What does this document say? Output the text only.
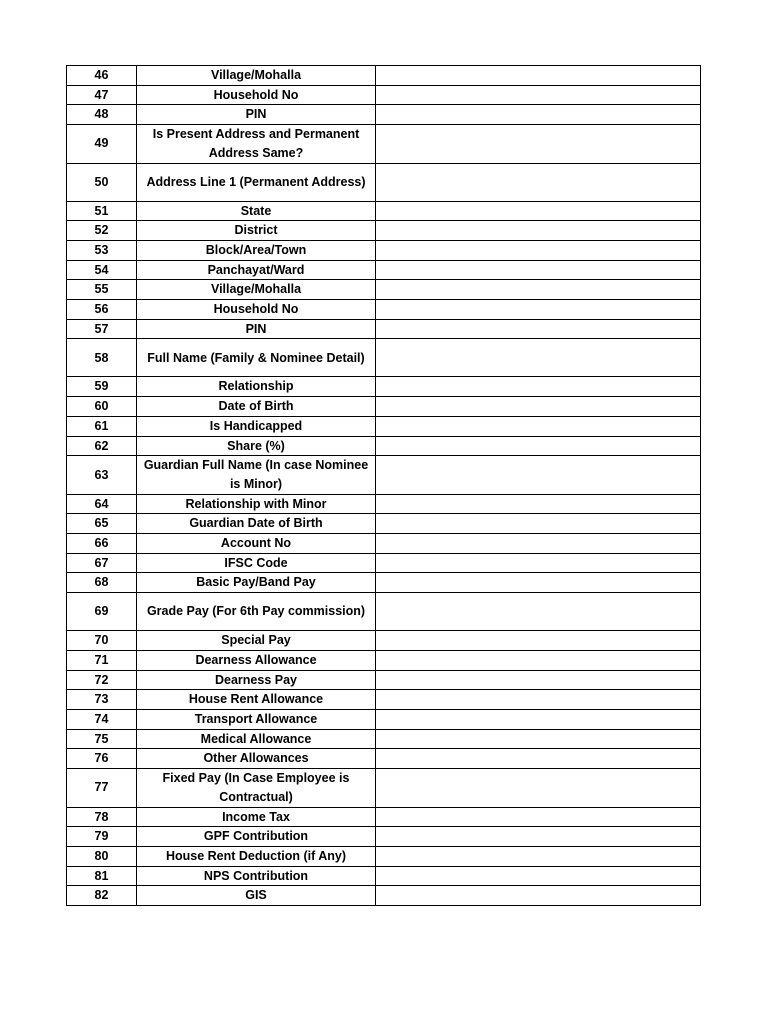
46	Village/Mohalla	
47	Household No	
48	PIN	
49	Is Present Address and Permanent Address Same?	
50	Address Line 1 (Permanent Address)	
51	State	
52	District	
53	Block/Area/Town	
54	Panchayat/Ward	
55	Village/Mohalla	
56	Household No	
57	PIN	
58	Full Name (Family & Nominee Detail)	
59	Relationship	
60	Date of Birth	
61	Is Handicapped	
62	Share (%)	
63	Guardian Full Name (In case Nominee is Minor)	
64	Relationship with Minor	
65	Guardian Date of Birth	
66	Account No	
67	IFSC Code	
68	Basic Pay/Band Pay	
69	Grade Pay (For 6th Pay commission)	
70	Special Pay	
71	Dearness Allowance	
72	Dearness Pay	
73	House Rent Allowance	
74	Transport Allowance	
75	Medical Allowance	
76	Other Allowances	
77	Fixed Pay (In Case Employee is Contractual)	
78	Income Tax	
79	GPF Contribution	
80	House Rent Deduction (if Any)	
81	NPS Contribution	
82	GIS	
